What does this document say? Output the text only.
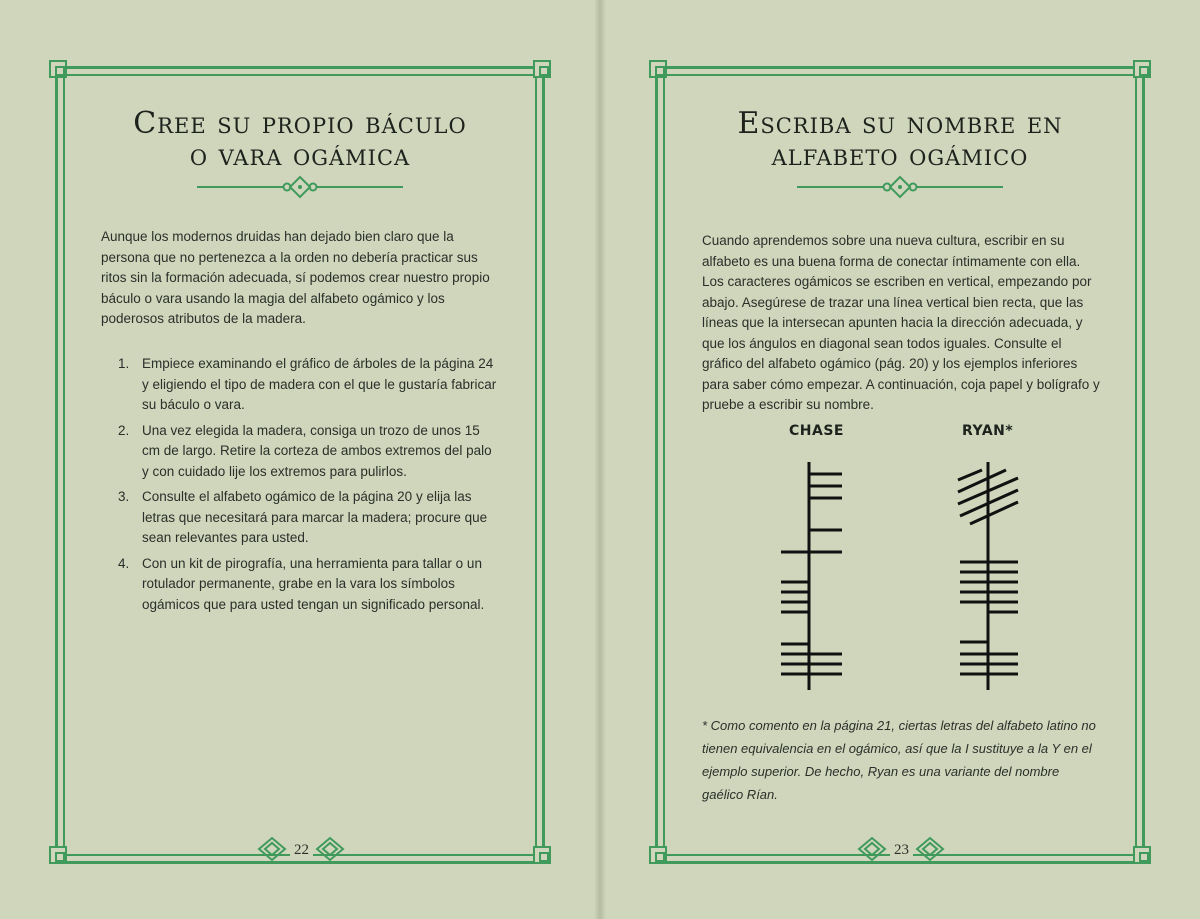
Cree su propio báculo
o vara ogámica
Aunque los modernos druidas han dejado bien claro que la persona que no pertenezca a la orden no debería practicar sus ritos sin la formación adecuada, sí podemos crear nuestro propio báculo o vara usando la magia del alfabeto ogámico y los poderosos atributos de la madera.
1. Empiece examinando el gráfico de árboles de la página 24 y eligiendo el tipo de madera con el que le gustaría fabricar su báculo o vara.
2. Una vez elegida la madera, consiga un trozo de unos 15 cm de largo. Retire la corteza de ambos extremos del palo y con cuidado lije los extremos para pulirlos.
3. Consulte el alfabeto ogámico de la página 20 y elija las letras que necesitará para marcar la madera; procure que sean relevantes para usted.
4. Con un kit de pirografía, una herramienta para tallar o un rotulador permanente, grabe en la vara los símbolos ogámicos que para usted tengan un significado personal.
22
Escriba su nombre en
alfabeto ogámico
Cuando aprendemos sobre una nueva cultura, escribir en su alfabeto es una buena forma de conectar íntimamente con ella. Los caracteres ogámicos se escriben en vertical, empezando por abajo. Asegúrese de trazar una línea vertical bien recta, que las líneas que la intersecan apunten hacia la dirección adecuada, y que los ángulos en diagonal sean todos iguales. Consulte el gráfico del alfabeto ogámico (pág. 20) y los ejemplos inferiores para saber cómo empezar. A continuación, coja papel y bolígrafo y pruebe a escribir su nombre.
CHASE	RYAN*
* Como comento en la página 21, ciertas letras del alfabeto latino no tienen equivalencia en el ogámico, así que la I sustituye a la Y en el ejemplo superior. De hecho, Ryan es una variante del nombre gaélico Rían.
23
